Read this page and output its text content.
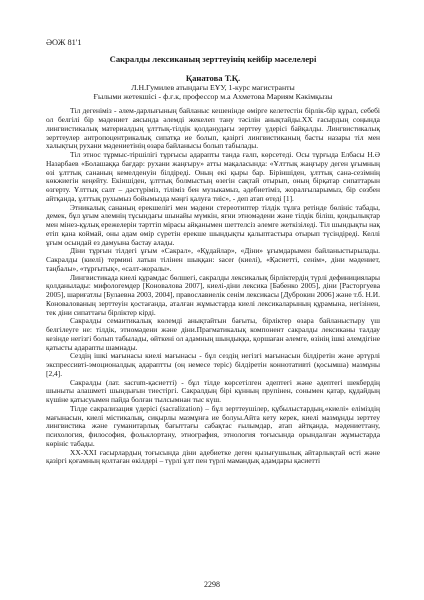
ӘОЖ 81'1
Сакралды лексиканың зерттеуінің кейбір мәселелері
Қанатова Т.Қ.
Л.Н.Гумилев атындағы ЕҰУ, 1-курс магистранты
Ғылыми жетекшісі - ф.ғ.к, профессор м.а Ахметова Мариям Кәкімқызы

Тіл дегеніміз - әлем-дарлығының байланыс кешенінде өмірге келетеcтін бірлік-бір құрал, себебі ол белгілі бір мәдениет аясында әлемді жекелеп тану тәсілін анықтайды.XX ғасырдың соңында лингвистикалық материалдың ұлттық-тілдік қолданудағы зерттеу үдерісі байқалды. Лингвистикалық зерттеулер антропоцентрикалық сипатқа ие болып, қазіргі лингвистиканың басты назары тіл мен халықтың рухани мәдениетінің өзара байланысы болып табылады.

Тіл этнос тұрмыс-тіршілігі тұрғысы адарапты танда ғалп, көрсетеді. Осы тұрғыда Елбасы Н.Ә Назарбаев «Болашаққа бағдар: рухани жаңғыру» атты мақаласында: «Ұлттық жаңғыру деген ұғымның өзі ұлттық сананың кемелденуін білдіреді. Оның екі қыры бар. Біріншіден, ұлттық сана-сезімнің көкжиегін кеңейту. Екіншіден, ұлттық болмыстың өзегін сақтай отырып, оның бірқатар сипаттарын өзгерту. Ұлттық салт – дәстүріміз, тіліміз бен музыкамыз, әдебиетіміз, жоралғыларымыз, бір сөзбен айтқанда, ұлттық рухымыз бойымызда мәңгі қалуға тиіс», - деп атап өтеді [1].

Этникалық сананың ерекшелігі мен мәдени стереотиптер тілдік тұлға ретінде бөлініс табады, демек, бұл ұғым әлемнің тұсындағы шынайы мүмкін, яғни этномәдени және тілдік біліш, қондылықтар мен мінез-құлық ережелерін тәрттіп мірасы айқанымен шеттелсіз әлемге жеткізіледі. Тіл шындықты нақ етіп қана коймай, оны адам өмір сүретін ерекше шындықты қалыптастыра отырып түсіндіреді. Келлі ұғым осындай ез дамуына бастау алады.

Діни тұрғын тілдегі ұғым «Сакрал», «Құдайлар», «Діни» ұғымдарымен байланыстырылады. Сакралды (киелі) термині латын тілінен шыққан: sacer (киелі), «Қасиетті, сенім», діни мәдениет, таңбалы», «тұрғытық», «салт-жоралы».

Лингвистикада киелі құрамдас бөлшегі, сакралды лексикалық бірліктердің түрлі дефинициялары қолданылады: мифологемдер [Коновалова 2007], киелі-діни лексика [Бабенко 2005], діни [Расторгуева 2005], шариғатлы [Булаевна 2003, 2004], православиелік сенім лексикасы [Дуброкин 2006] және т.б. Н.И. Коновалованың зерттеуін қостағанда, аталған жұмыстарда киелі лексикаларының құрамына, негізінен, тек діни сипаттағы бірліктер кірді.

Сакралды семантикалық көлемді анықтайтын бағыты, бірліктер өзара байланыстыру үш белгілеуге не: тілдік, этномәдени және діни.Прагматикалық компонент сакралды лексиканы талдау кезінде негізгі болып табылады, өйткені ол адамның шындыққа, қоршаған әлемге, өзінің ішкі әлемдігіне қатысты адарапты шамнады.

Сездің ішкі мағынасы киелі мағынасы - бұл сездің негізгі мағынасын білдіретін және әртүрлі экспрессивті-эмоционалдық адараптты (оң немесе теріс) білдіретін коннотативті (қосымша) мазмұны [2,4].

Сакралды (лат. sacrum-қасиетті) - бұл тілде көрсетілген әдептегі және әдептегі шекбердің шыныты алашметі шындығын тиестіргі. Сакралдың бірі кұнның прупінен, сонымен қатар, құдайдың күшіне қатысуымен пайда болған тылсымнан тыс күш.

Тілде сакрализация үдерісі (sacralization) – бұл зерттеушілер, құбылыстардың,«киелі» еліміздің мағынасын, киелі містикалық, сиқырлы мазмұнға ие болуы.Айта кету керек, киелі мазмұнды зерттеу лингвистика және гуманитарлық бағыттағы сабақтас ғылымдар, атап айтқанда, мәдениеттану, психология, философия, фольклортану, этнография, этнология тоғысында орындалған жұмыстарда көрініс табады.

XX-XXI ғасырлардың тоғысында діни адебиетке деген қызығушылық айтарлықтай өсті және қазіргі қоғамның қолтаған өкілдері – түрлі ұлт пен түрлі мамандық адамдары қасиетті

2298
